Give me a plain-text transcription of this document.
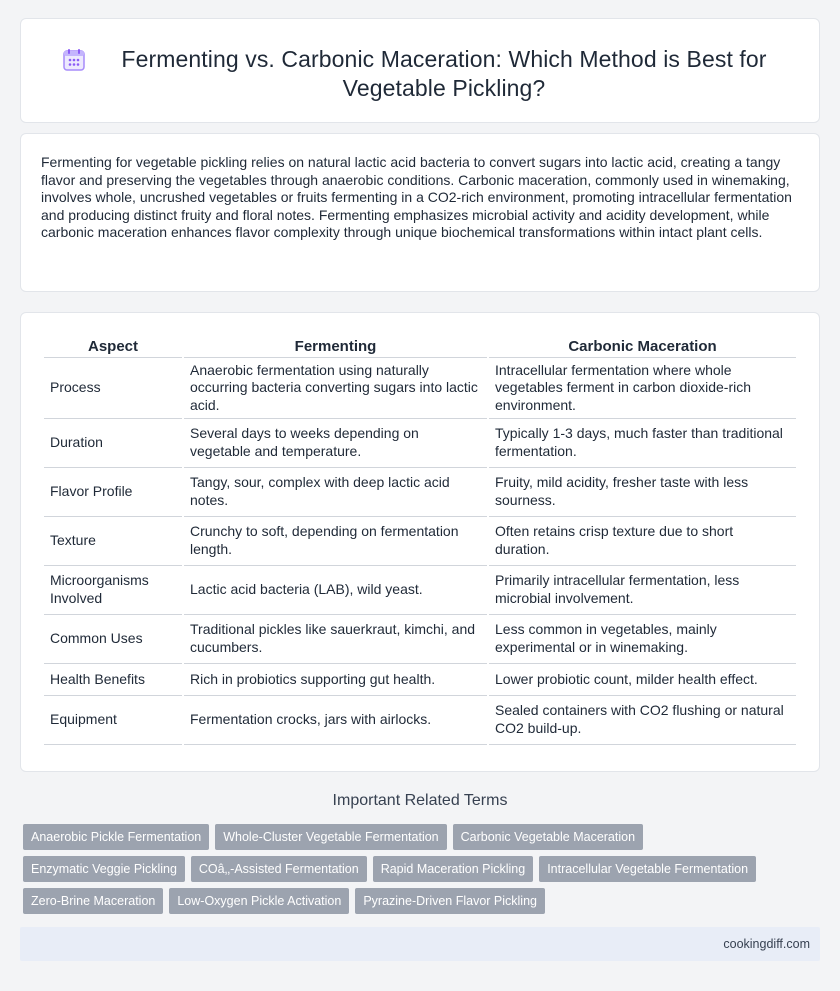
Fermenting vs. Carbonic Maceration: Which Method is Best for Vegetable Pickling?

Fermenting for vegetable pickling relies on natural lactic acid bacteria to convert sugars into lactic acid, creating a tangy flavor and preserving the vegetables through anaerobic conditions. Carbonic maceration, commonly used in winemaking, involves whole, uncrushed vegetables or fruits fermenting in a CO2-rich environment, promoting intracellular fermentation and producing distinct fruity and floral notes. Fermenting emphasizes microbial activity and acidity development, while carbonic maceration enhances flavor complexity through unique biochemical transformations within intact plant cells.

Aspect	Fermenting	Carbonic Maceration
Process	Anaerobic fermentation using naturally occurring bacteria converting sugars into lactic acid.	Intracellular fermentation where whole vegetables ferment in carbon dioxide-rich environment.
Duration	Several days to weeks depending on vegetable and temperature.	Typically 1-3 days, much faster than traditional fermentation.
Flavor Profile	Tangy, sour, complex with deep lactic acid notes.	Fruity, mild acidity, fresher taste with less sourness.
Texture	Crunchy to soft, depending on fermentation length.	Often retains crisp texture due to short duration.
Microorganisms Involved	Lactic acid bacteria (LAB), wild yeast.	Primarily intracellular fermentation, less microbial involvement.
Common Uses	Traditional pickles like sauerkraut, kimchi, and cucumbers.	Less common in vegetables, mainly experimental or in winemaking.
Health Benefits	Rich in probiotics supporting gut health.	Lower probiotic count, milder health effect.
Equipment	Fermentation crocks, jars with airlocks.	Sealed containers with CO2 flushing or natural CO2 build-up.
Important Related Terms
Anaerobic Pickle Fermentation	Whole-Cluster Vegetable Fermentation	Carbonic Vegetable Maceration
Enzymatic Veggie Pickling	COâ‚‚-Assisted Fermentation	Rapid Maceration Pickling	Intracellular Vegetable Fermentation
Zero-Brine Maceration	Low-Oxygen Pickle Activation	Pyrazine-Driven Flavor Pickling
cookingdiff.com
